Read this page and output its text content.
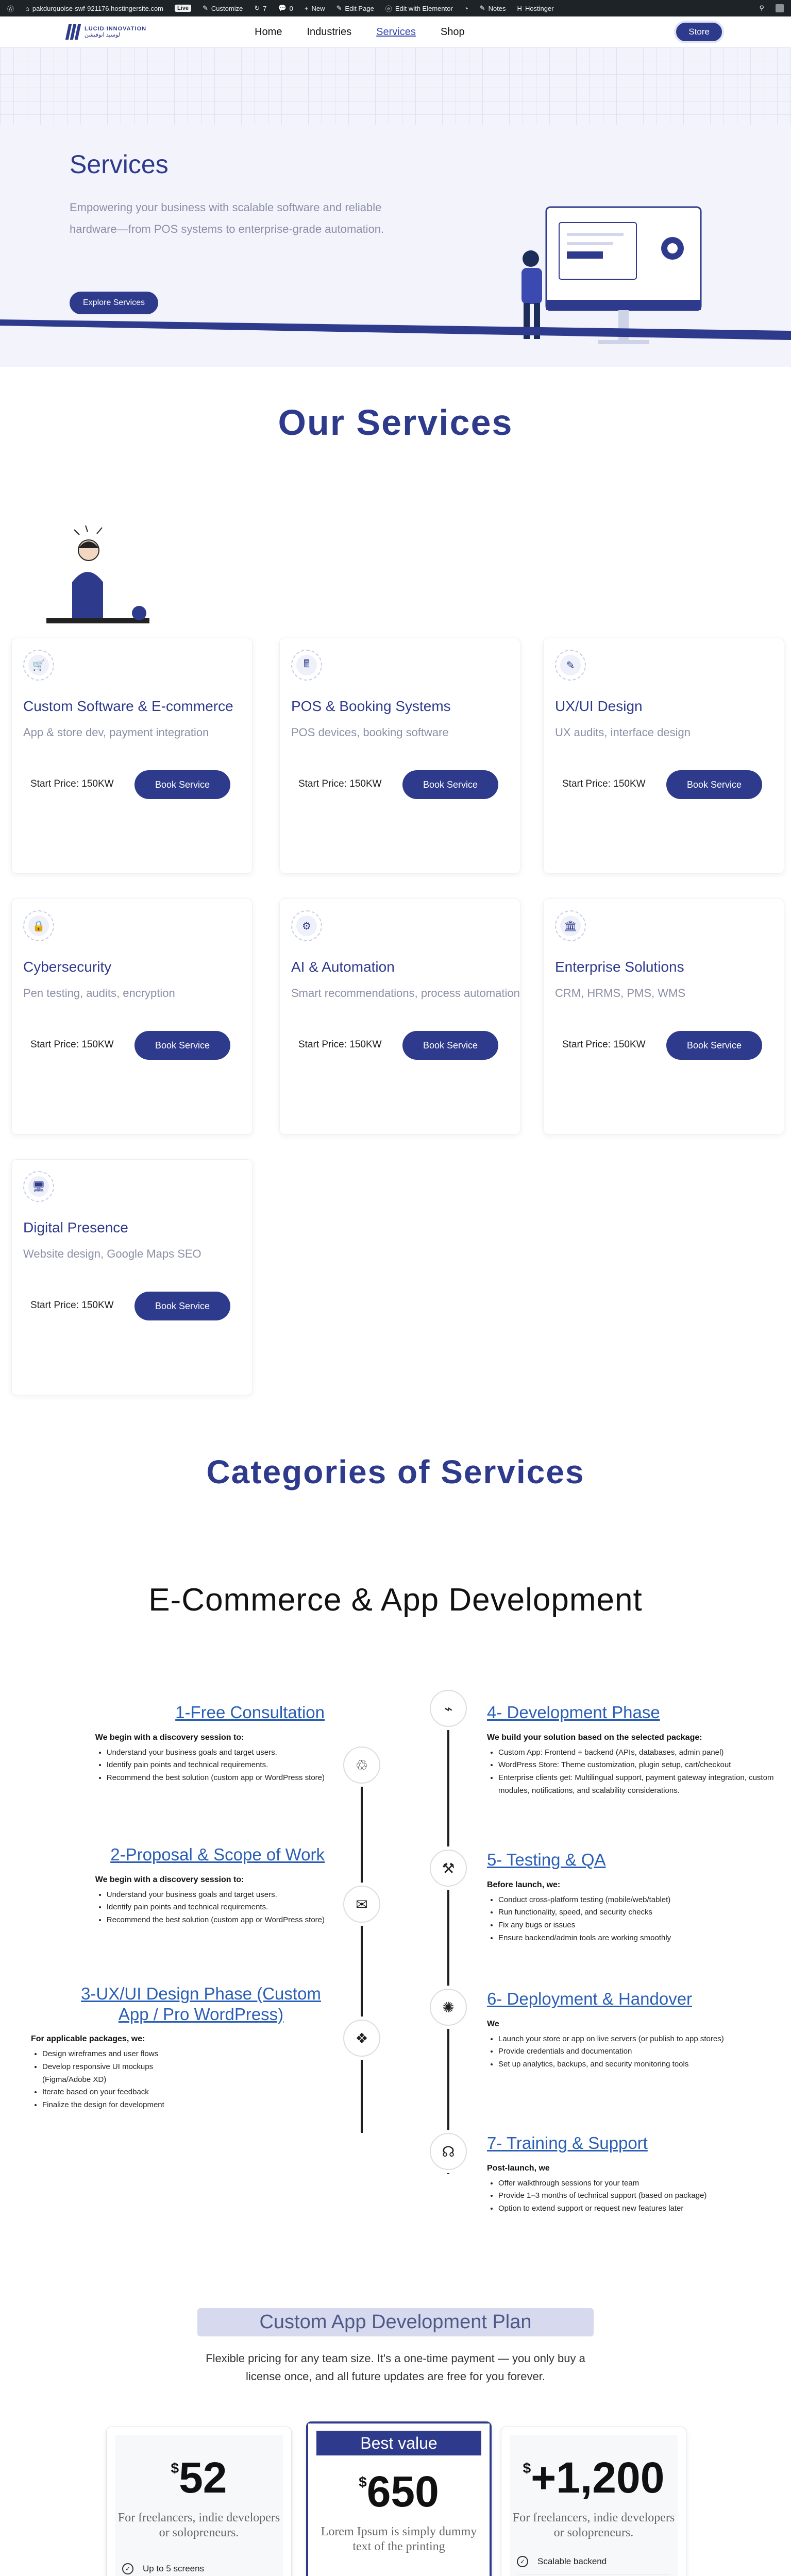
Ⓦ ⌂ pakdurquoise-swf-921176.hostingersite.com	Live	✎ Customize ↻ 7 💬 0 + New ✎ Edit Page ⓔ Edit with Elementor ◔ ✎ Notes H Hostinger	⚲
LUCID INNOVATION
لوسيد انوفيشن	Home Industries Services Shop	Store
Services

Empowering your business with scalable software and reliable hardware—from POS systems to enterprise-grade automation.

Explore Services
Our Services
🛒
Custom Software & E-commerce
App & store dev, payment integration
Start Price: 150KW	Book Service
🖩
POS & Booking Systems
POS devices, booking software
Start Price: 150KW	Book Service
✎
UX/UI Design
UX audits, interface design
Start Price: 150KW	Book Service
🔒
Cybersecurity
Pen testing, audits, encryption
Start Price: 150KW	Book Service
⚙
AI & Automation
Smart recommendations, process automation
Start Price: 150KW	Book Service
🏛
Enterprise Solutions
CRM, HRMS, PMS, WMS
Start Price: 150KW	Book Service
🖥
Digital Presence
Website design, Google Maps SEO
Start Price: 150KW	Book Service
Categories of Services
E-Commerce & App Development
♲
✉
❖
⌁
⚒
✺
☊
1-Free Consultation
We begin with a discovery session to:
• Understand your business goals and target users.
• Identify pain points and technical requirements.
• Recommend the best solution (custom app or WordPress store)
2-Proposal & Scope of Work
We begin with a discovery session to:
• Understand your business goals and target users.
• Identify pain points and technical requirements.
• Recommend the best solution (custom app or WordPress store)
3-UX/UI Design Phase (Custom App / Pro WordPress)
For applicable packages, we:
• Design wireframes and user flows
• Develop responsive UI mockups (Figma/Adobe XD)
• Iterate based on your feedback
• Finalize the design for development
4- Development Phase
We build your solution based on the selected package:
• Custom App: Frontend + backend (APIs, databases, admin panel)
• WordPress Store: Theme customization, plugin setup, cart/checkout
• Enterprise clients get: Multilingual support, payment gateway integration, custom modules, notifications, and scalability considerations.
5- Testing & QA
Before launch, we:
• Conduct cross-platform testing (mobile/web/tablet)
• Run functionality, speed, and security checks
• Fix any bugs or issues
• Ensure backend/admin tools are working smoothly
6- Deployment & Handover
We
• Launch your store or app on live servers (or publish to app stores)
• Provide credentials and documentation
• Set up analytics, backups, and security monitoring tools
7- Training & Support
Post-launch, we
• Offer walkthrough sessions for your team
• Provide 1–3 months of technical support (based on package)
• Option to extend support or request new features later
Custom App Development Plan
Flexible pricing for any team size. It's a one-time payment — you only buy a license once, and all future updates are free for you forever.
$52
For freelancers, indie developers or solopreneurs.
✓	Up to 5 screens
Best value
$650
Lorem Ipsum is simply dummy text of the printing
$+1,200
For freelancers, indie developers or solopreneurs.
✓	Scalable backend
